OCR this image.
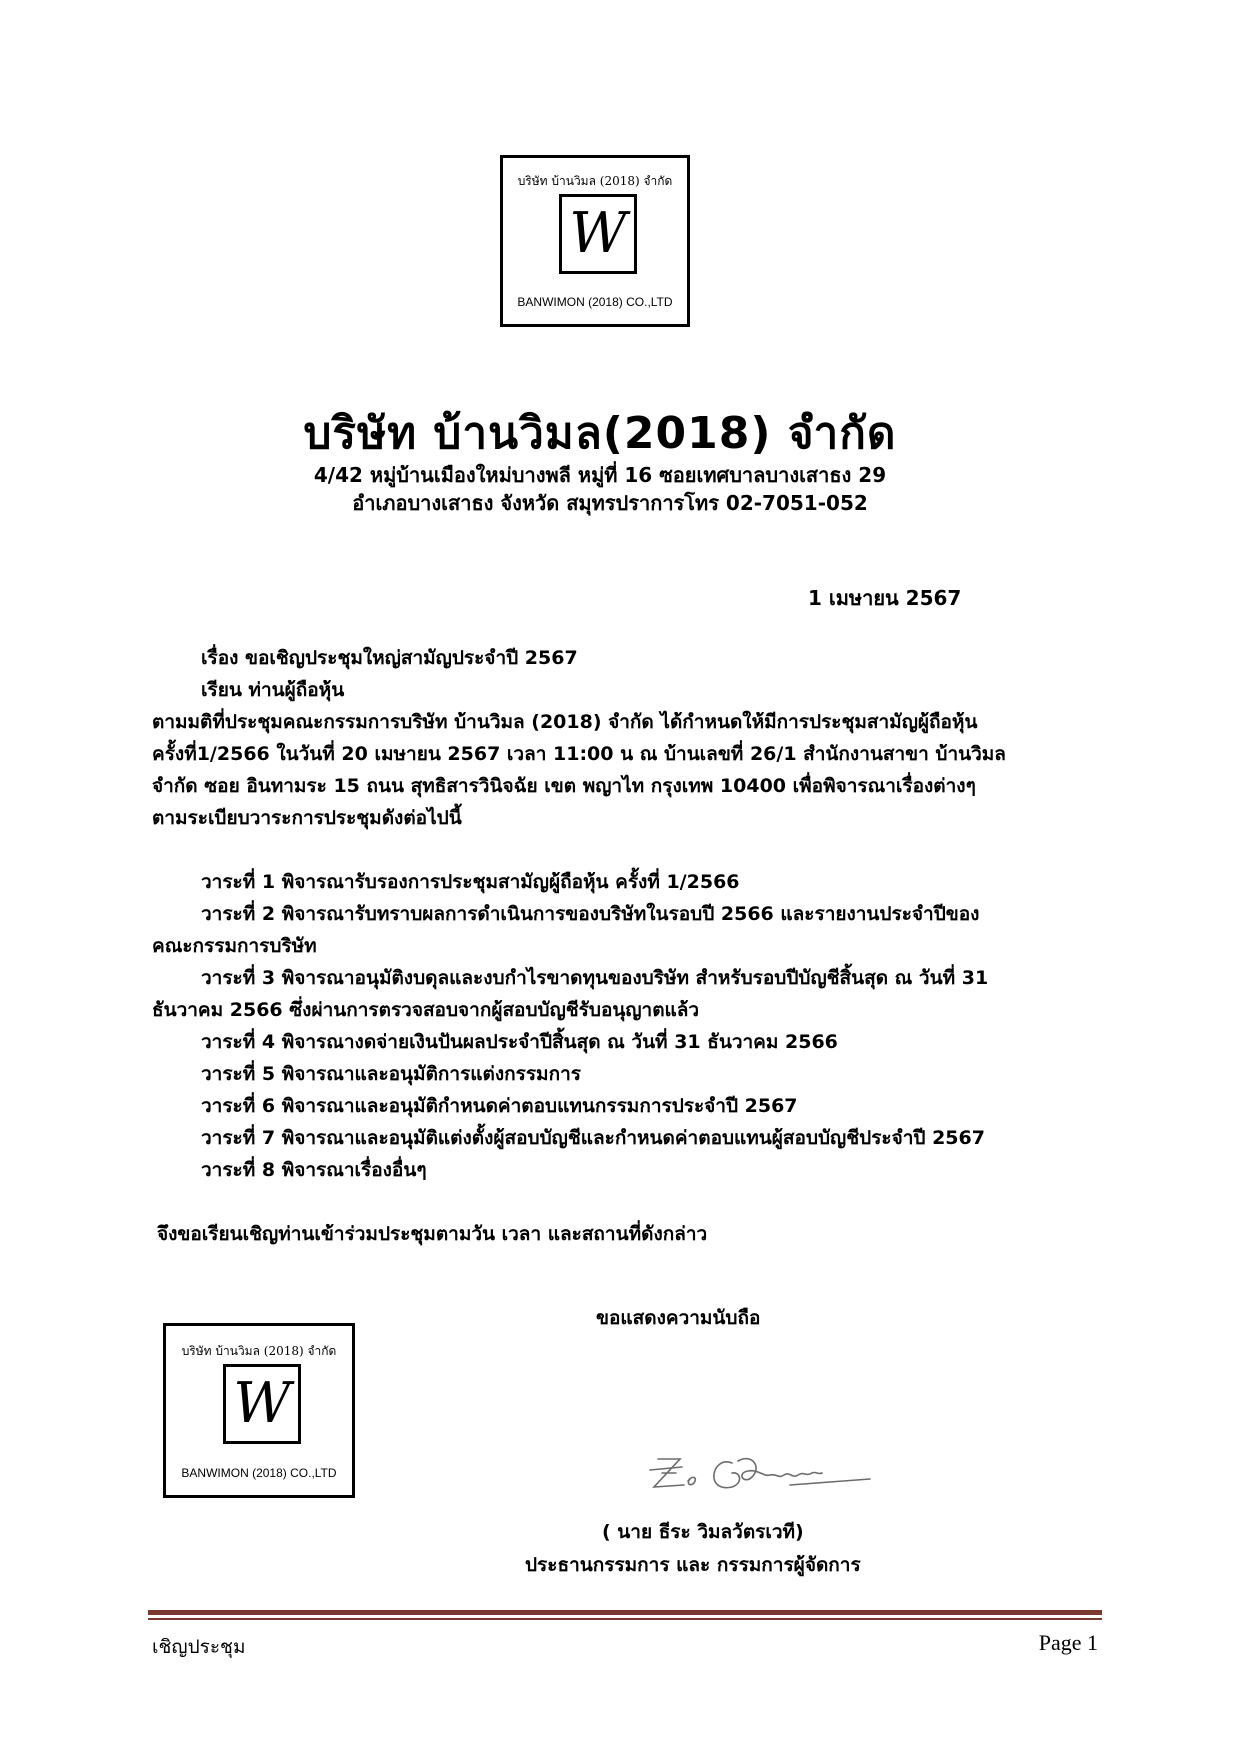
บริษัท บ้านวิมล (2018) จำกัด
W
BANWIMON (2018) CO.,LTD
บริษัท บ้านวิมล(2018) จำกัด
4/42 หมู่บ้านเมืองใหม่บางพลี หมู่ที่ 16 ซอยเทศบาลบางเสาธง 29
อำเภอบางเสาธง จังหวัด สมุทรปราการโทร 02-7051-052
1 เมษายน 2567
เรื่อง ขอเชิญประชุมใหญ่สามัญประจำปี 2567
เรียน ท่านผู้ถือหุ้น
ตามมติที่ประชุมคณะกรรมการบริษัท บ้านวิมล (2018) จำกัด ได้กำหนดให้มีการประชุมสามัญผู้ถือหุ้น
ครั้งที่1/2566 ในวันที่ 20 เมษายน 2567 เวลา 11:00 น ณ บ้านเลขที่ 26/1 สำนักงานสาขา บ้านวิมล
จำกัด ซอย อินทามระ 15 ถนน สุทธิสารวินิจฉัย เขต พญาไท กรุงเทพ 10400 เพื่อพิจารณาเรื่องต่างๆ
ตามระเบียบวาระการประชุมดังต่อไปนี้
วาระที่ 1 พิจารณารับรองการประชุมสามัญผู้ถือหุ้น ครั้งที่ 1/2566
วาระที่ 2 พิจารณารับทราบผลการดำเนินการของบริษัทในรอบปี 2566 และรายงานประจำปีของ
คณะกรรมการบริษัท
วาระที่ 3 พิจารณาอนุมัติงบดุลและงบกำไรขาดทุนของบริษัท สำหรับรอบปีบัญชีสิ้นสุด ณ วันที่ 31
ธันวาคม 2566 ซึ่งผ่านการตรวจสอบจากผู้สอบบัญชีรับอนุญาตแล้ว
วาระที่ 4 พิจารณางดจ่ายเงินปันผลประจำปีสิ้นสุด ณ วันที่ 31 ธันวาคม 2566
วาระที่ 5 พิจารณาและอนุมัติการแต่งกรรมการ
วาระที่ 6 พิจารณาและอนุมัติกำหนดค่าตอบแทนกรรมการประจำปี 2567
วาระที่ 7 พิจารณาและอนุมัติแต่งตั้งผู้สอบบัญชีและกำหนดค่าตอบแทนผู้สอบบัญชีประจำปี 2567
วาระที่ 8 พิจารณาเรื่องอื่นๆ
จึงขอเรียนเชิญท่านเข้าร่วมประชุมตามวัน เวลา และสถานที่ดังกล่าว
ขอแสดงความนับถือ
บริษัท บ้านวิมล (2018) จำกัด
W
BANWIMON (2018) CO.,LTD
( นาย ธีระ วิมลวัตรเวที)
ประธานกรรมการ และ กรรมการผู้จัดการ
เชิญประชุม	Page 1
